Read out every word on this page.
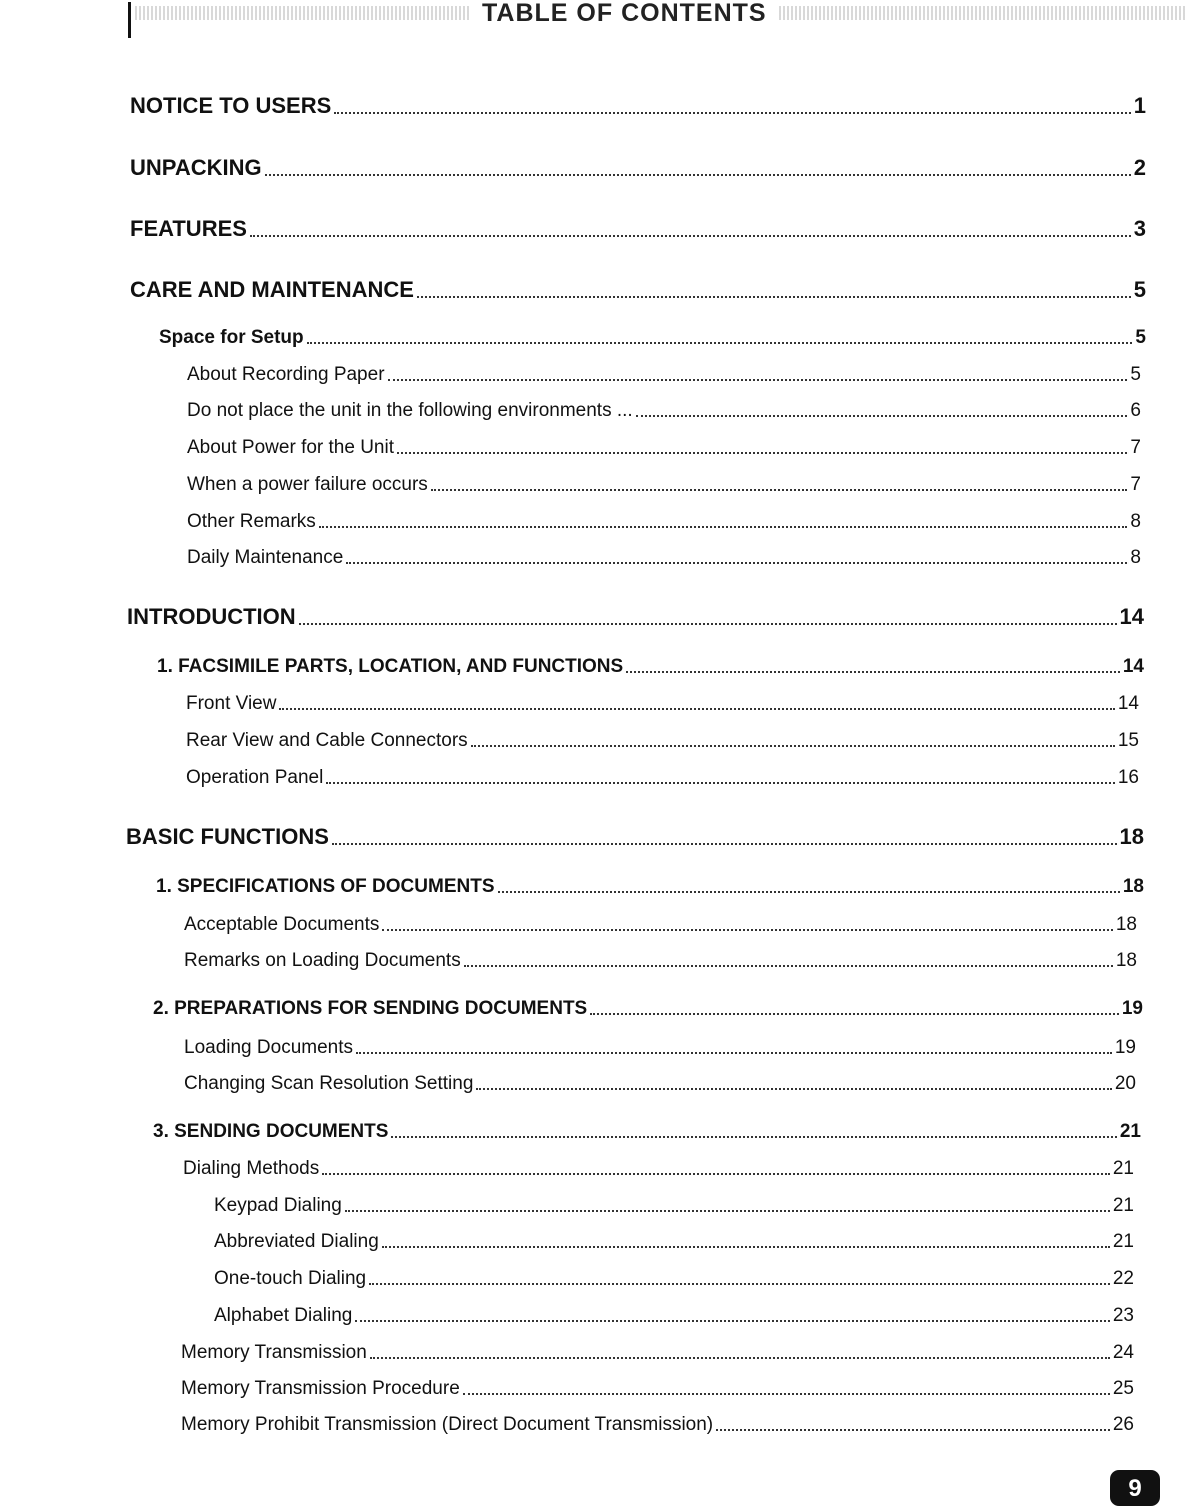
TABLE OF CONTENTS
NOTICE TO USERS	1
UNPACKING	2
FEATURES	3
CARE AND MAINTENANCE	5
Space for Setup	5
About Recording Paper	5
Do not place the unit in the following environments ...	6
About Power for the Unit	7
When a power failure occurs	7
Other Remarks	8
Daily Maintenance	8
INTRODUCTION	14
1. FACSIMILE PARTS, LOCATION, AND FUNCTIONS	14
Front View	14
Rear View and Cable Connectors	15
Operation Panel	16
BASIC FUNCTIONS	18
1. SPECIFICATIONS OF DOCUMENTS	18
Acceptable Documents	18
Remarks on Loading Documents	18
2. PREPARATIONS FOR SENDING DOCUMENTS	19
Loading Documents	19
Changing Scan Resolution Setting	20
3. SENDING DOCUMENTS	21
Dialing Methods	21
Keypad Dialing	21
Abbreviated Dialing	21
One-touch Dialing	22
Alphabet Dialing	23
Memory Transmission	24
Memory Transmission Procedure	25
Memory Prohibit Transmission (Direct Document Transmission)	26
9
